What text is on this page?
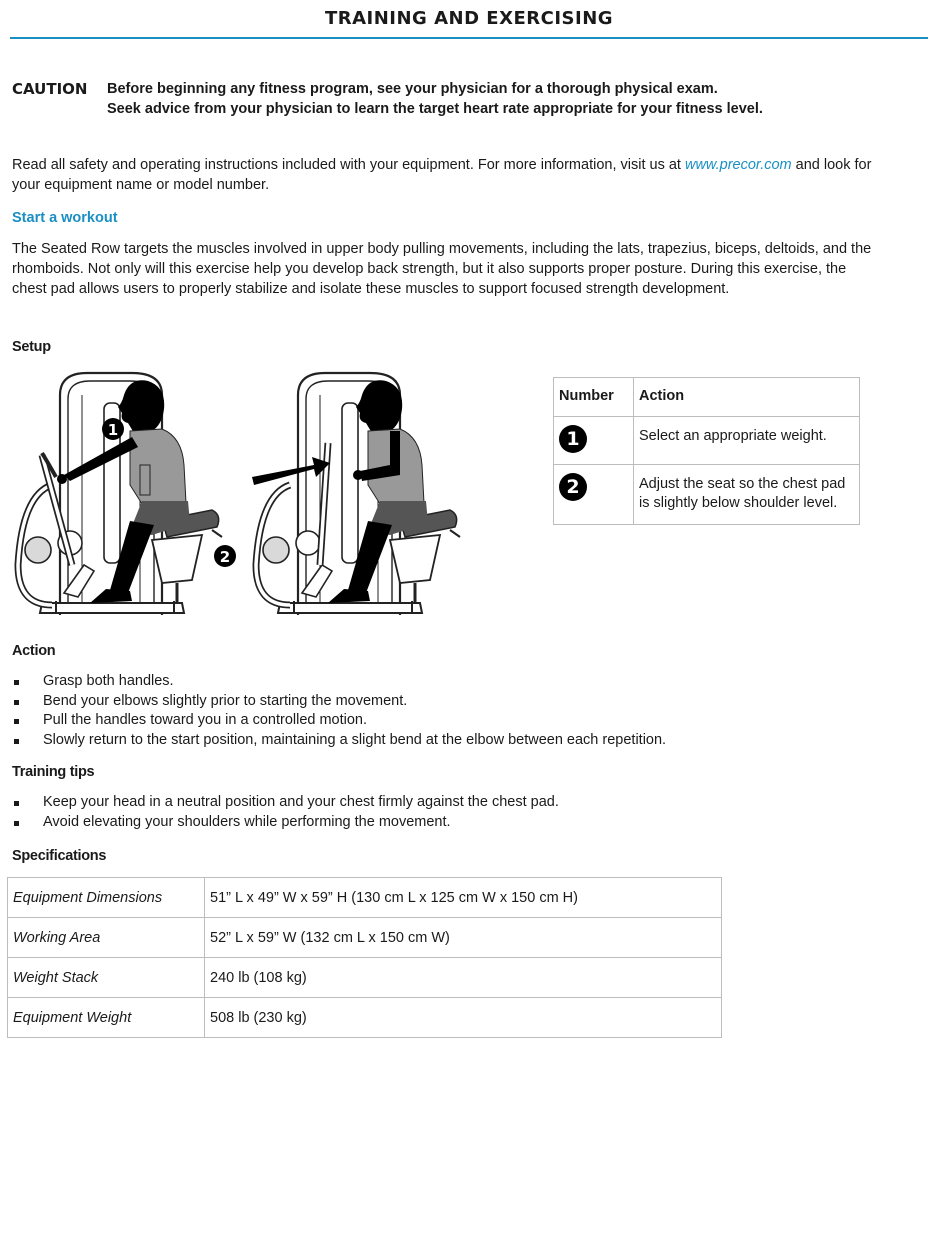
TRAINING AND EXERCISING
CAUTION Before beginning any fitness program, see your physician for a thorough physical exam.
Seek advice from your physician to learn the target heart rate appropriate for your fitness level.
Read all safety and operating instructions included with your equipment. For more information, visit us at www.precor.com and look for your equipment name or model number.
Start a workout
The Seated Row targets the muscles involved in upper body pulling movements, including the lats, trapezius, biceps, deltoids, and the rhomboids. Not only will this exercise help you develop back strength, but it also supports proper posture. During this exercise, the chest pad allows users to properly stabilize and isolate these muscles to support focused strength development.
Setup
1
2
Number	Action
1	Select an appropriate weight.
2	Adjust the seat so the chest pad is slightly below shoulder level.
Action
Grasp both handles.
Bend your elbows slightly prior to starting the movement.
Pull the handles toward you in a controlled motion.
Slowly return to the start position, maintaining a slight bend at the elbow between each repetition.
Training tips
Keep your head in a neutral position and your chest firmly against the chest pad.
Avoid elevating your shoulders while performing the movement.
Specifications
Equipment Dimensions	51” L x 49” W x 59” H (130 cm L x 125 cm W x 150 cm H)
Working Area	52” L x 59” W (132 cm L x 150 cm W)
Weight Stack	240 lb (108 kg)
Equipment Weight	508 lb (230 kg)
